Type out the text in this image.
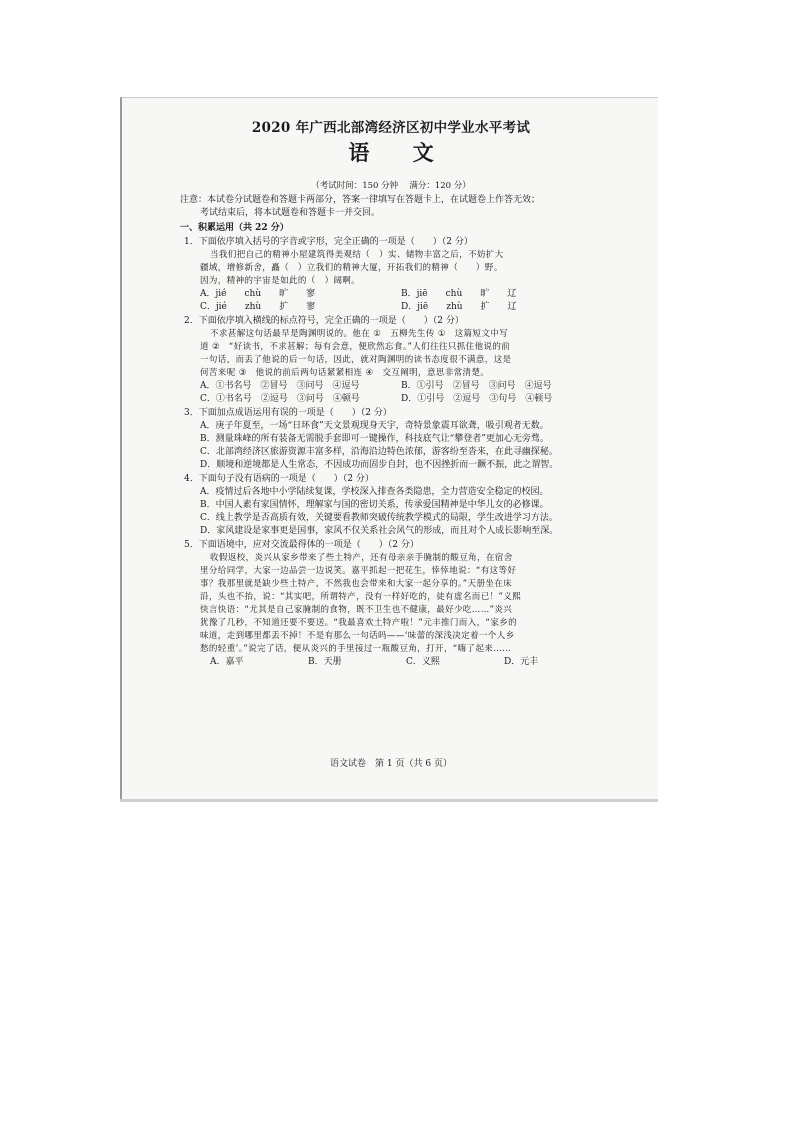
2020 年广西北部湾经济区初中学业水平考试
语 文
（考试时间：150 分钟　 满分：120 分）
注意：本试卷分试题卷和答题卡两部分，答案一律填写在答题卡上，在试题卷上作答无效；
考试结束后，将本试题卷和答题卡一并交回。
一、积累运用（共 22 分）
1．下面依序填入括号的字音或字形，完全正确的一项是（　　）（2 分）
当我们把自己的精神小屋建筑得美观结（　）实、储物丰富之后，不妨扩大
疆域，增修新舍，矗（　）立我们的精神大厦，开拓我们的精神（　　）野。
因为，精神的宇宙是如此的（　）阔啊。
A．jié　　chù　　旷　　寥	B．jiē　　chù　　旷　　辽
C．jié　　zhù　　扩　　寥	D．jiē　　zhù　　扩　　辽
2．下面依序填入横线的标点符号，完全正确的一项是（　　）（2 分）
不求甚解这句话最早是陶渊明说的。他在 ①　五柳先生传 ①　这篇短文中写
道 ②　“好读书，不求甚解；每有会意，便欣然忘食。”人们往往只抓住他说的前
一句话，而丢了他说的后一句话，因此，就对陶渊明的读书态度很不满意，这是
何苦来呢 ③　他说的前后两句话紧紧相连 ④　交互阐明，意思非常清楚。
A．①书名号　②冒号　③问号　④逗号	B．①引号　②冒号　③问号　④逗号
C．①书名号　②逗号　③问号　④顿号	D．①引号　②逗号　③句号　④顿号
3．下面加点成语运用有误的一项是（　　）（2 分）
A．庚子年夏至，一场“日环食”天文景观现身天宇，奇特景象震耳欲聋，吸引观者无数。
B．测量珠峰的所有装备无需脱手套即可一键操作，科技底气让“攀登者”更加心无旁骛。
C．北部湾经济区旅游资源丰富多样，沿海沿边特色浓郁，游客纷至沓来，在此寻幽探秘。
D．顺境和逆境都是人生常态，不因成功而固步自封，也不因挫折而一蹶不振，此之谓智。
4．下面句子没有语病的一项是（　　）（2 分）
A．疫情过后各地中小学陆续复课，学校深入排查各类隐患，全力营造安全稳定的校园。
B．中国人素有家国情怀，理解家与国的密切关系，传承爱国精神是中华儿女的必修课。
C．线上教学是否高质有效，关键要看教师突破传统教学模式的局限，学生改进学习方法。
D．家风建设是家事更是国事，家风不仅关系社会风气的形成，而且对个人成长影响至深。
5．下面语境中，应对交流最得体的一项是（　　）（2 分）
收假返校，炎兴从家乡带来了些土特产，还有母亲亲手腌制的酸豆角，在宿舍
里分给同学，大家一边品尝一边说笑。嘉平抓起一把花生，悻悻地说：“有这等好
事？我那里就是缺少些土特产，不然我也会带来和大家一起分享的。”天册坐在床
沿，头也不抬，说：“其实吧，所谓特产，没有一样好吃的，徒有虚名而已！”义熙
快言快语：“尤其是自己家腌制的食物，既不卫生也不健康，最好少吃……”炎兴
犹豫了几秒，不知道还要不要送。“我最喜欢土特产啦！”元丰推门而入，“家乡的
味道，走到哪里都丢不掉！不是有那么一句话吗——‘味蕾的深浅决定着一个人乡
愁的轻重’。”说完了话，便从炎兴的手里接过一瓶酸豆角，打开，“嗨了起来……
A．嘉平	B．天册	C．义熙	D．元丰
语文试卷　第 1 页（共 6 页）
